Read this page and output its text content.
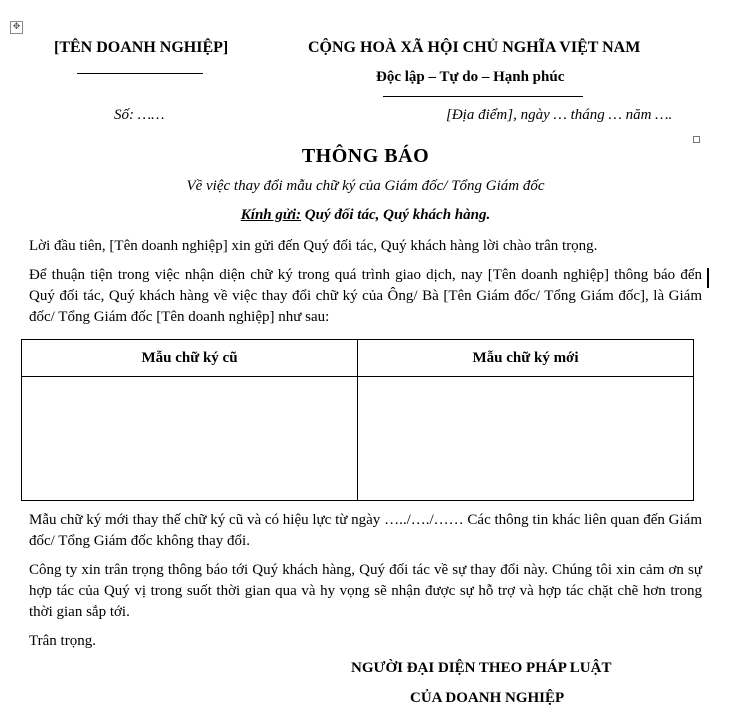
✥
[TÊN DOANH NGHIỆP]	CỘNG HOÀ XÃ HỘI CHỦ NGHĨA VIỆT NAM
Độc lập – Tự do – Hạnh phúc
Số: ……	[Địa điểm], ngày … tháng … năm ….
THÔNG BÁO
Về việc thay đổi mẫu chữ ký của Giám đốc/ Tổng Giám đốc
Kính gửi: Quý đối tác, Quý khách hàng.
Lời đầu tiên, [Tên doanh nghiệp] xin gửi đến Quý đối tác, Quý khách hàng lời chào trân trọng.
Để thuận tiện trong việc nhận diện chữ ký trong quá trình giao dịch, nay [Tên doanh nghiệp] thông báo đến Quý đối tác, Quý khách hàng về việc thay đổi chữ ký của Ông/ Bà [Tên Giám đốc/ Tổng Giám đốc], là Giám đốc/ Tổng Giám đốc [Tên doanh nghiệp] như sau:
Mẫu chữ ký cũ	Mẫu chữ ký mới

Mẫu chữ ký mới thay thế chữ ký cũ và có hiệu lực từ ngày …../…./…… Các thông tin khác liên quan đến Giám đốc/ Tổng Giám đốc không thay đổi.
Công ty xin trân trọng thông báo tới Quý khách hàng, Quý đối tác về sự thay đổi này. Chúng tôi xin cảm ơn sự hợp tác của Quý vị trong suốt thời gian qua và hy vọng sẽ nhận được sự hỗ trợ và hợp tác chặt chẽ hơn trong thời gian sắp tới.
Trân trọng.
NGƯỜI ĐẠI DIỆN THEO PHÁP LUẬT
CỦA DOANH NGHIỆP
